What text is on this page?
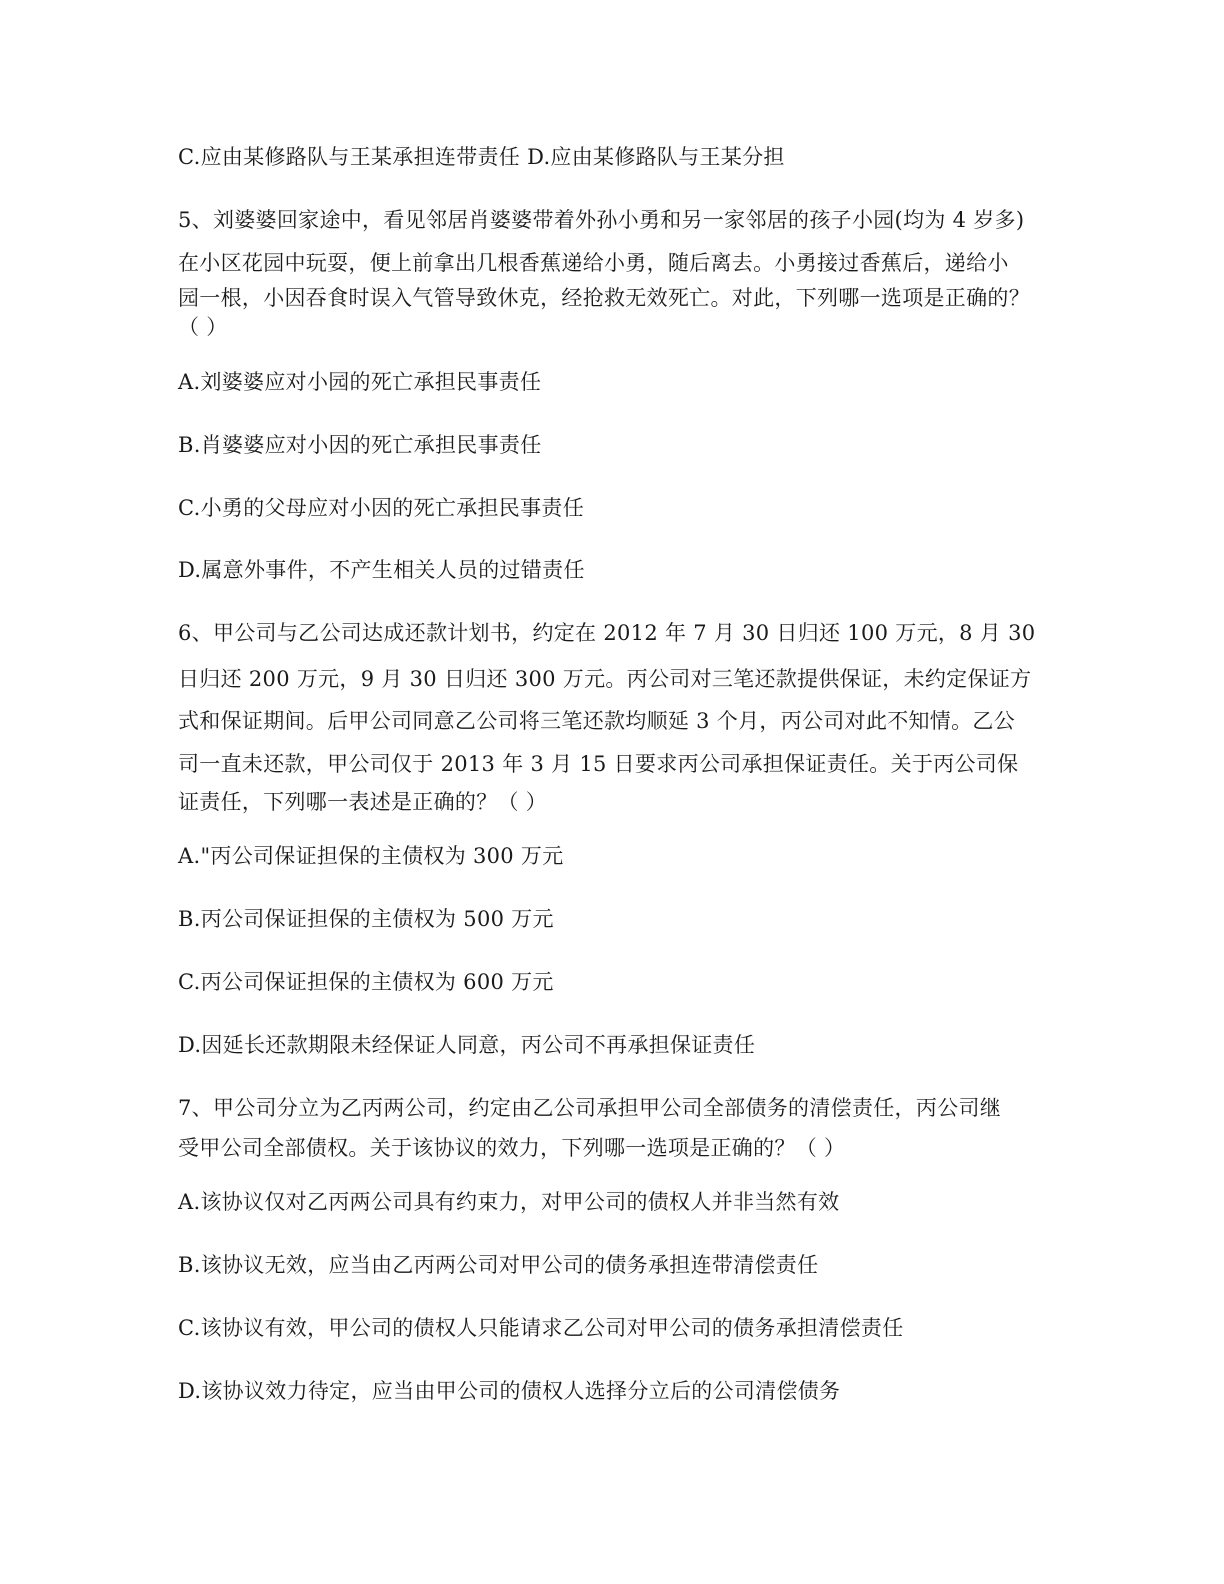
C.应由某修路队与王某承担连带责任 D.应由某修路队与王某分担

5、刘婆婆回家途中，看见邻居肖婆婆带着外孙小勇和另一家邻居的孩子小园(均为 4 岁多)

在小区花园中玩耍，便上前拿出几根香蕉递给小勇，随后离去。小勇接过香蕉后，递给小

园一根，小因吞食时误入气管导致休克，经抢救无效死亡。对此，下列哪一选项是正确的？

（ ）

A.刘婆婆应对小园的死亡承担民事责任

B.肖婆婆应对小因的死亡承担民事责任

C.小勇的父母应对小因的死亡承担民事责任

D.属意外事件，不产生相关人员的过错责任

6、甲公司与乙公司达成还款计划书，约定在 2012 年 7 月 30 日归还 100 万元，8 月 30

日归还 200 万元，9 月 30 日归还 300 万元。丙公司对三笔还款提供保证，未约定保证方

式和保证期间。后甲公司同意乙公司将三笔还款均顺延 3 个月，丙公司对此不知情。乙公

司一直未还款，甲公司仅于 2013 年 3 月 15 日要求丙公司承担保证责任。关于丙公司保

证责任，下列哪一表述是正确的？（ ）

A."丙公司保证担保的主债权为 300 万元

B.丙公司保证担保的主债权为 500 万元

C.丙公司保证担保的主债权为 600 万元

D.因延长还款期限未经保证人同意，丙公司不再承担保证责任

7、甲公司分立为乙丙两公司，约定由乙公司承担甲公司全部债务的清偿责任，丙公司继

受甲公司全部债权。关于该协议的效力，下列哪一选项是正确的？（ ）

A.该协议仅对乙丙两公司具有约束力，对甲公司的债权人并非当然有效

B.该协议无效，应当由乙丙两公司对甲公司的债务承担连带清偿责任

C.该协议有效，甲公司的债权人只能请求乙公司对甲公司的债务承担清偿责任

D.该协议效力待定，应当由甲公司的债权人选择分立后的公司清偿债务
